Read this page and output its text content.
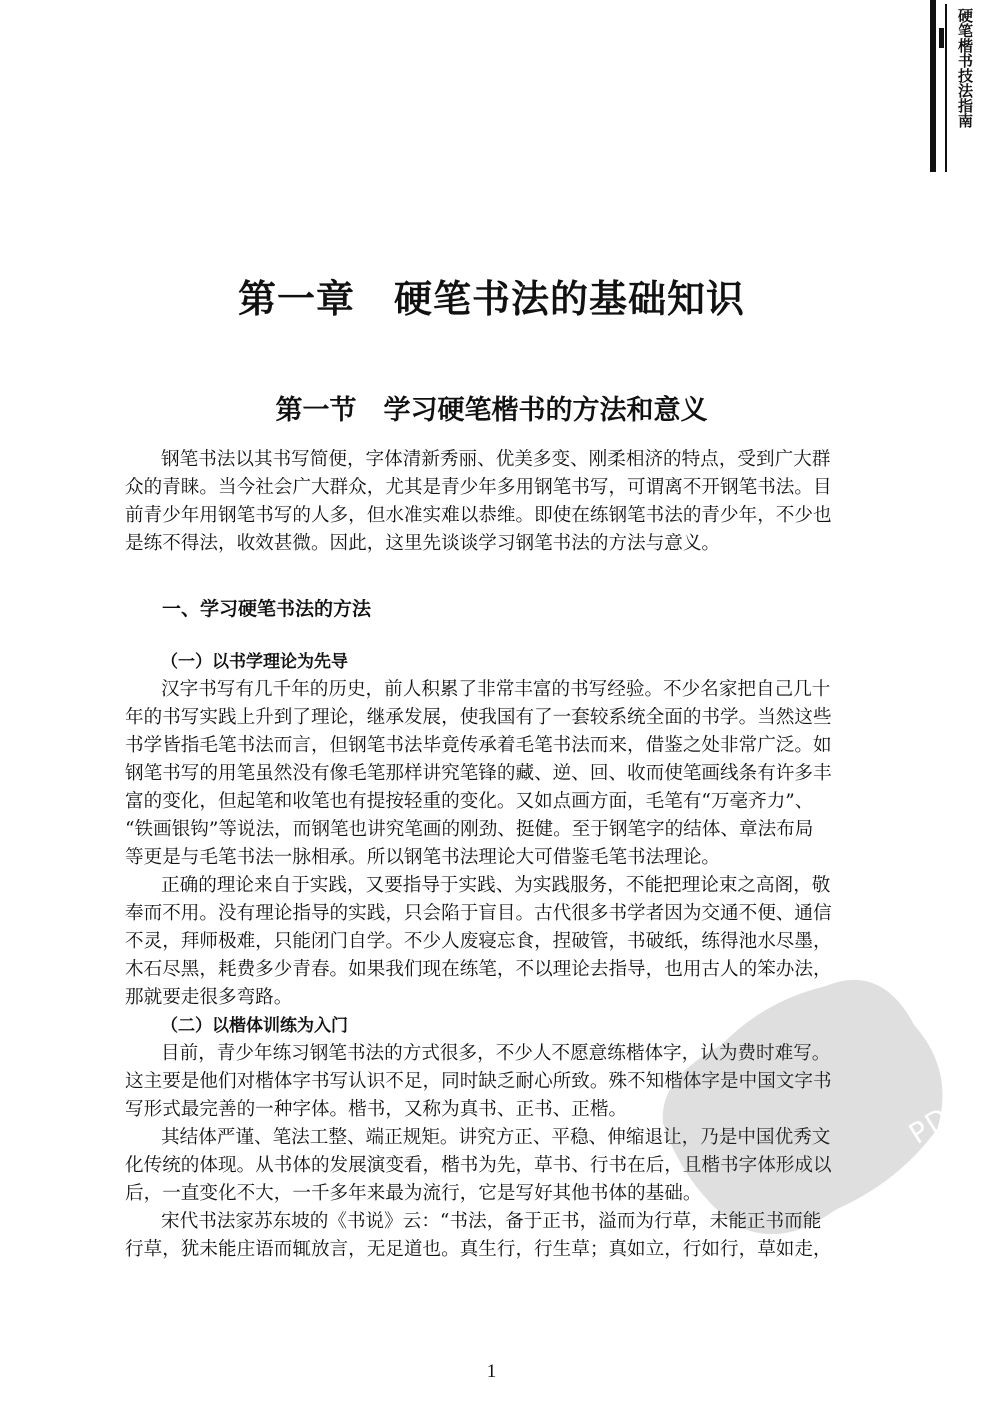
硬笔楷书技法指南
第一章　硬笔书法的基础知识
第一节　学习硬笔楷书的方法和意义
钢笔书法以其书写简便，字体清新秀丽、优美多变、刚柔相济的特点，受到广大群
众的青睐。当今社会广大群众，尤其是青少年多用钢笔书写，可谓离不开钢笔书法。目
前青少年用钢笔书写的人多，但水准实难以恭维。即使在练钢笔书法的青少年，不少也
是练不得法，收效甚微。因此，这里先谈谈学习钢笔书法的方法与意义。
一、学习硬笔书法的方法
（一）以书学理论为先导
汉字书写有几千年的历史，前人积累了非常丰富的书写经验。不少名家把自己几十
年的书写实践上升到了理论，继承发展，使我国有了一套较系统全面的书学。当然这些
书学皆指毛笔书法而言，但钢笔书法毕竟传承着毛笔书法而来，借鉴之处非常广泛。如
钢笔书写的用笔虽然没有像毛笔那样讲究笔锋的藏、逆、回、收而使笔画线条有许多丰
富的变化，但起笔和收笔也有提按轻重的变化。又如点画方面，毛笔有“万毫齐力”、
“铁画银钩”等说法，而钢笔也讲究笔画的刚劲、挺健。至于钢笔字的结体、章法布局
等更是与毛笔书法一脉相承。所以钢笔书法理论大可借鉴毛笔书法理论。
正确的理论来自于实践，又要指导于实践、为实践服务，不能把理论束之高阁，敬
奉而不用。没有理论指导的实践，只会陷于盲目。古代很多书学者因为交通不便、通信
不灵，拜师极难，只能闭门自学。不少人废寝忘食，捏破管，书破纸，练得池水尽墨，
木石尽黑，耗费多少青春。如果我们现在练笔，不以理论去指导，也用古人的笨办法，
那就要走很多弯路。
（二）以楷体训练为入门
目前，青少年练习钢笔书法的方式很多，不少人不愿意练楷体字，认为费时难写。
这主要是他们对楷体字书写认识不足，同时缺乏耐心所致。殊不知楷体字是中国文字书
写形式最完善的一种字体。楷书，又称为真书、正书、正楷。
其结体严谨、笔法工整、端正规矩。讲究方正、平稳、伸缩退让，乃是中国优秀文
化传统的体现。从书体的发展演变看，楷书为先，草书、行书在后，且楷书字体形成以
后，一直变化不大，一千多年来最为流行，它是写好其他书体的基础。
宋代书法家苏东坡的《书说》云：“书法，备于正书，溢而为行草，未能正书而能
行草，犹未能庄语而辄放言，无足道也。真生行，行生草；真如立，行如行，草如走，
PDG
1
